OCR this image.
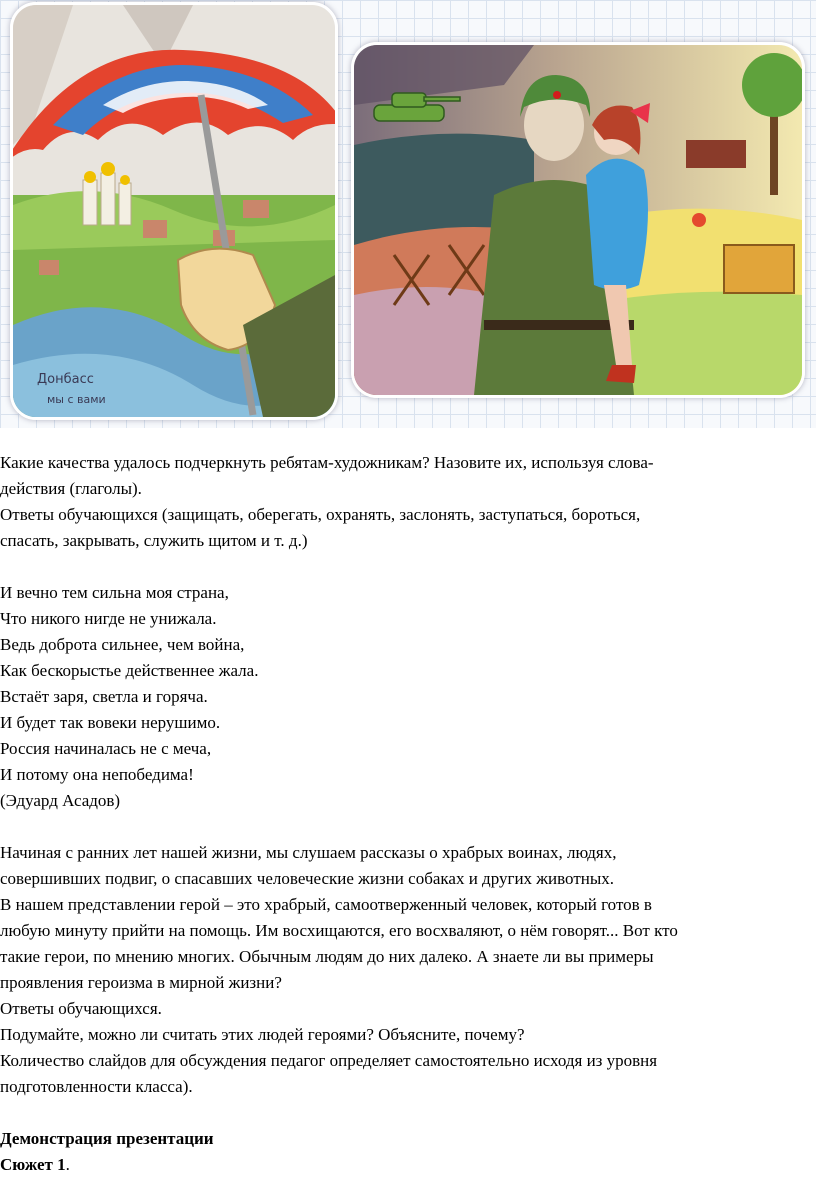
Донбасс
мы с вами

Какие качества удалось подчеркнуть ребятам-художникам? Назовите их, используя слова-

действия (глаголы).

Ответы обучающихся (защищать, оберегать, охранять, заслонять, заступаться, бороться,

спасать, закрывать, служить щитом и т. д.)

И вечно тем сильна моя страна,

Что никого нигде не унижала.

Ведь доброта сильнее, чем война,

Как бескорыстье действеннее жала.

Встаёт заря, светла и горяча.

И будет так вовеки нерушимо.

Россия начиналась не с меча,

И потому она непобедима!

(Эдуард Асадов)

Начиная с ранних лет нашей жизни, мы слушаем рассказы о храбрых воинах, людях,

совершивших подвиг, о спасавших человеческие жизни собаках и других животных.

В нашем представлении герой – это храбрый, самоотверженный человек, который готов в

любую минуту прийти на помощь. Им восхищаются, его восхваляют, о нём говорят... Вот кто

такие герои, по мнению многих. Обычным людям до них далеко. А знаете ли вы примеры

проявления героизма в мирной жизни?

Ответы обучающихся.

Подумайте, можно ли считать этих людей героями? Объясните, почему?

Количество слайдов для обсуждения педагог определяет самостоятельно исходя из уровня

подготовленности класса).

Демонстрация презентации

Сюжет 1.
